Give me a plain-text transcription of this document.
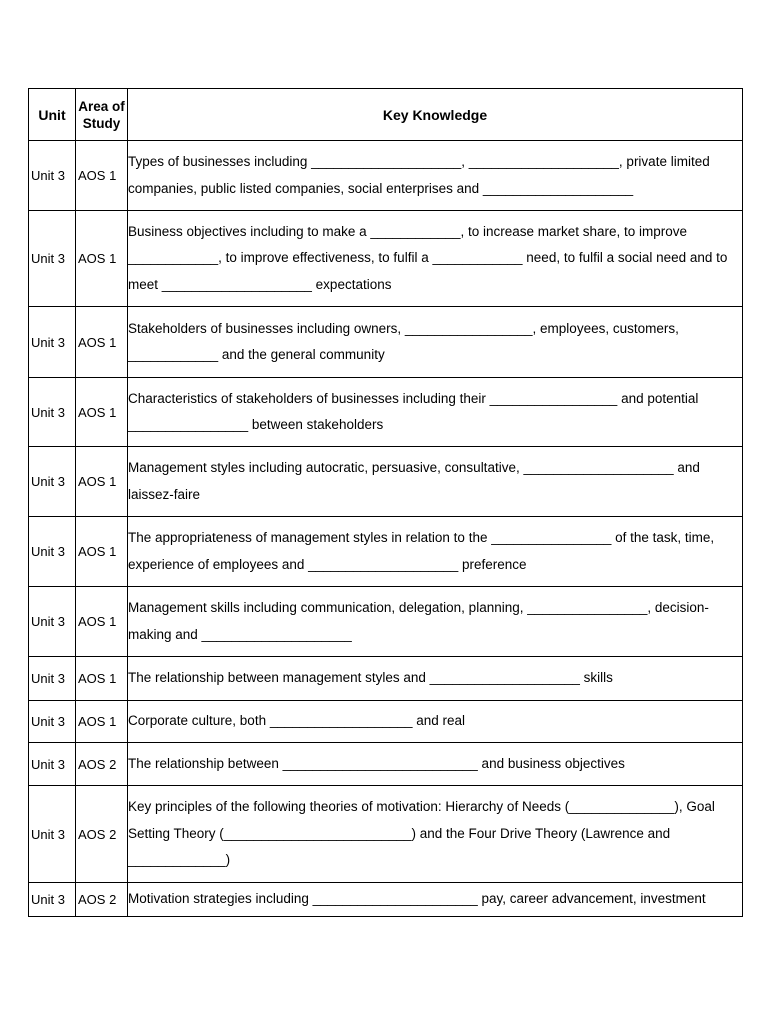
Unit	Area of Study	Key Knowledge
Unit 3	AOS 1	Types of businesses including ____________________, ____________________, private limited companies, public listed companies, social enterprises and ____________________
Unit 3	AOS 1	Business objectives including to make a ____________, to increase market share, to improve ____________, to improve effectiveness, to fulfil a ____________ need, to fulfil a social need and to meet ____________________ expectations
Unit 3	AOS 1	Stakeholders of businesses including owners, _________________, employees, customers, ____________ and the general community
Unit 3	AOS 1	Characteristics of stakeholders of businesses including their _________________ and potential ________________ between stakeholders
Unit 3	AOS 1	Management styles including autocratic, persuasive, consultative, ____________________ and laissez-faire
Unit 3	AOS 1	The appropriateness of management styles in relation to the ________________ of the task, time, experience of employees and ____________________ preference
Unit 3	AOS 1	Management skills including communication, delegation, planning, ________________, decision-making and ____________________
Unit 3	AOS 1	The relationship between management styles and ____________________ skills
Unit 3	AOS 1	Corporate culture, both ___________________ and real
Unit 3	AOS 2	The relationship between __________________________ and business objectives
Unit 3	AOS 2	Key principles of the following theories of motivation: Hierarchy of Needs (______________), Goal Setting Theory (_________________________) and the Four Drive Theory (Lawrence and _____________)
Unit 3	AOS 2	Motivation strategies including ______________________ pay, career advancement, investment
